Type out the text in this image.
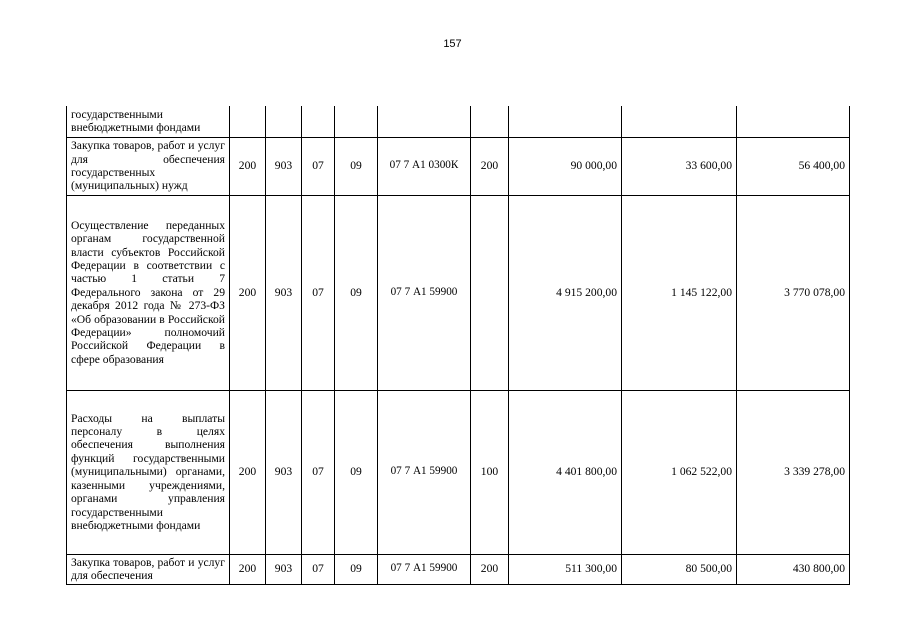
157
государственными внебюджетными фондами									
Закупка товаров, работ и услуг для обеспечения государственных (муниципальных) нужд	200	903	07	09	07 7 А1 0300К	200	90 000,00	33 600,00	56 400,00
Осуществление переданных органам государственной власти субъектов Российской Федерации в соответствии с частью 1 статьи 7 Федерального закона от 29 декабря 2012 года № 273-ФЗ «Об образовании в Российской Федерации» полномочий Российской Федерации в сфере образования	200	903	07	09	07 7 А1 59900		4 915 200,00	1 145 122,00	3 770 078,00
Расходы на выплаты персоналу в целях обеспечения выполнения функций государственными (муниципальными) органами, казенными учреждениями, органами управления государственными внебюджетными фондами	200	903	07	09	07 7 А1 59900	100	4 401 800,00	1 062 522,00	3 339 278,00
Закупка товаров, работ и услуг для обеспечения	200	903	07	09	07 7 А1 59900	200	511 300,00	80 500,00	430 800,00
